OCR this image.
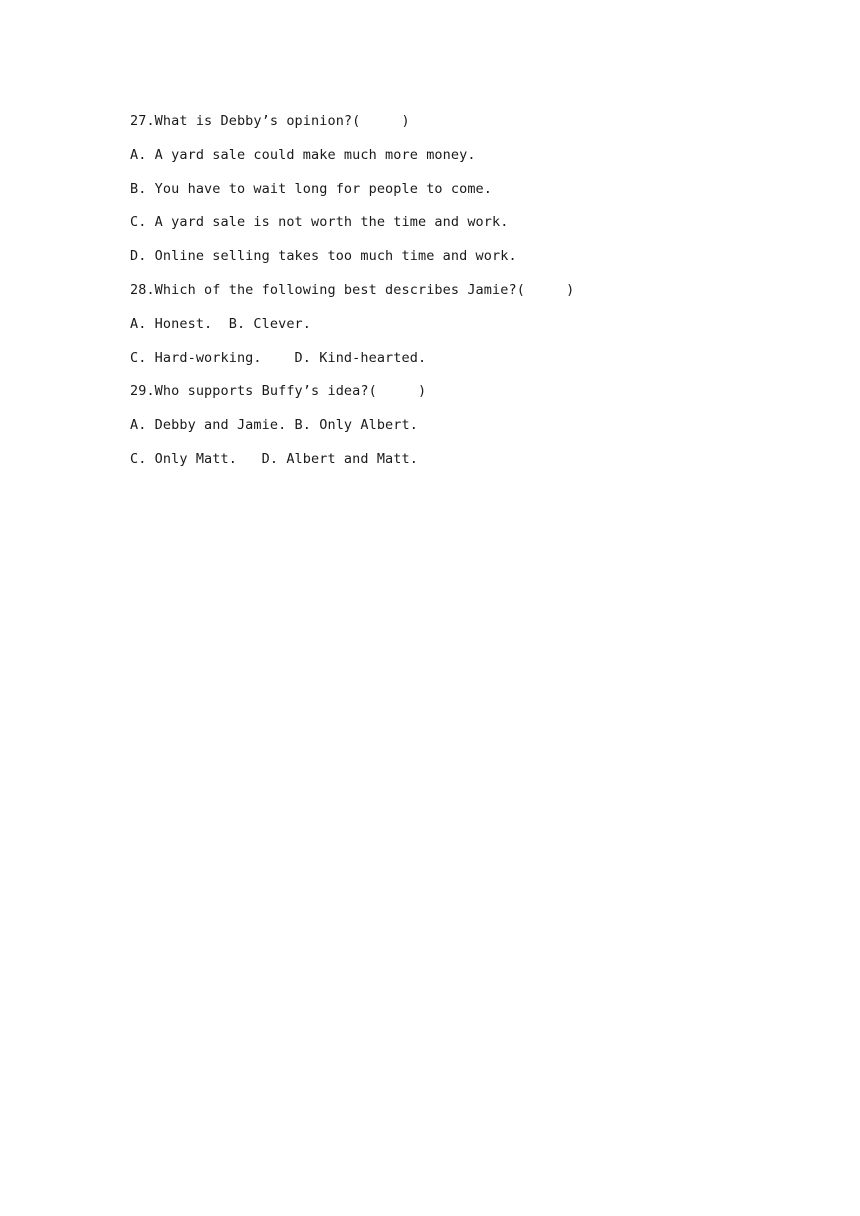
27.What is Debby’s opinion?(     )
A. A yard sale could make much more money.
B. You have to wait long for people to come.
C. A yard sale is not worth the time and work.
D. Online selling takes too much time and work.
28.Which of the following best describes Jamie?(     )
A. Honest.  B. Clever.
C. Hard-working.    D. Kind-hearted.
29.Who supports Buffy’s idea?(     )
A. Debby and Jamie. B. Only Albert.
C. Only Matt.   D. Albert and Matt.
